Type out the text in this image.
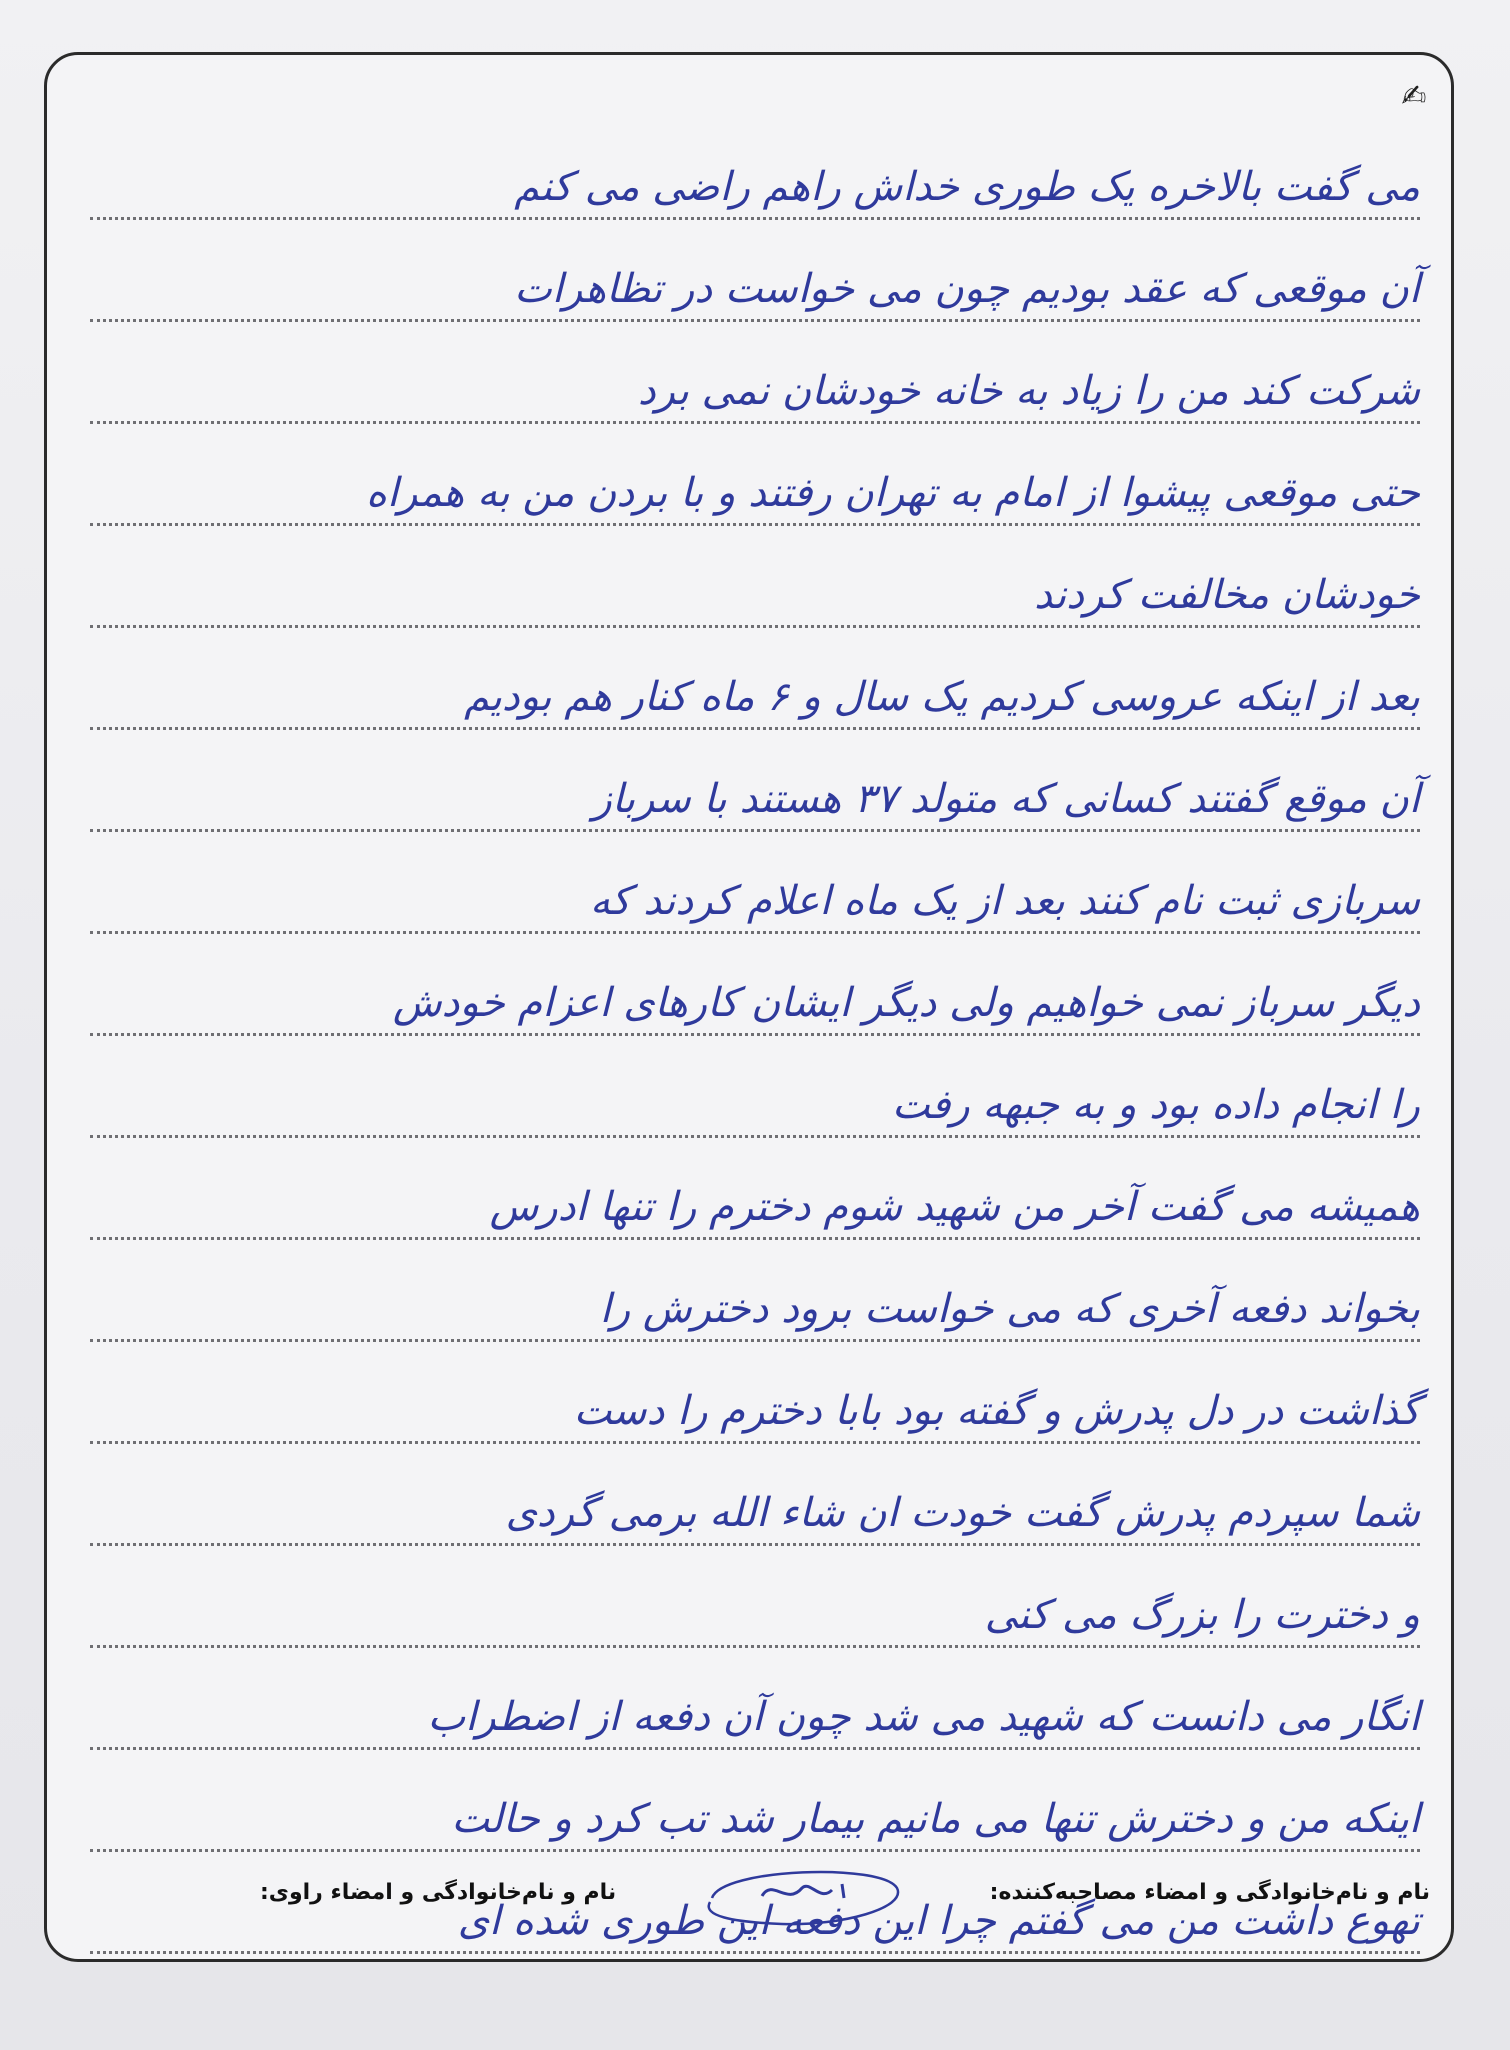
✍
می گفت بالاخره یک طوری خداش راهم راضی می کنم
آن موقعی که عقد بودیم چون می خواست در تظاهرات
شرکت کند من را زیاد به خانه خودشان نمی برد
حتی موقعی پیشوا از امام به تهران رفتند و با بردن من به همراه
خودشان مخالفت کردند
بعد از اینکه عروسی کردیم یک سال و ۶ ماه کنار هم بودیم
آن موقع گفتند کسانی که متولد ۳۷ هستند با سرباز
سربازی ثبت نام کنند بعد از یک ماه اعلام کردند که
دیگر سرباز نمی خواهیم ولی دیگر ایشان کارهای اعزام خودش
را انجام داده بود و به جبهه رفت
همیشه می گفت آخر من شهید شوم دخترم را تنها ادرس
بخواند دفعه آخری که می خواست برود دخترش را
گذاشت در دل پدرش و گفته بود بابا دخترم را دست
شما سپردم پدرش گفت خودت ان شاء الله برمی گردی
و دخترت را بزرگ می کنی
انگار می دانست که شهید می شد چون آن دفعه از اضطراب
اینکه من و دخترش تنها می مانیم بیمار شد تب کرد و حالت
تهوع داشت من می گفتم چرا این دفعه این طوری شده ای
نام و نام‌خانوادگی و امضاء مصاحبه‌کننده:
نام و نام‌خانوادگی و امضاء راوی:
